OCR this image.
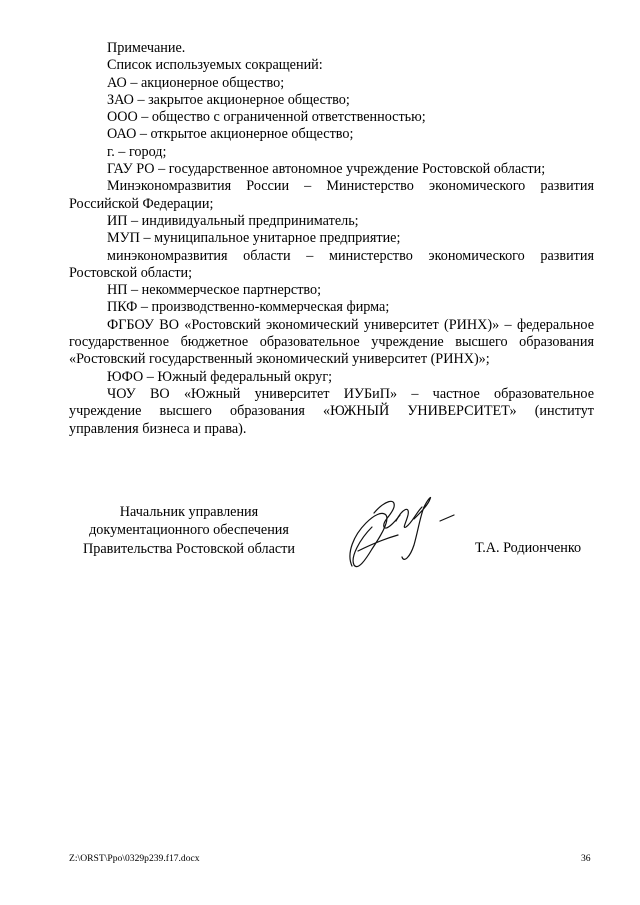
Примечание.

Список используемых сокращений:

АО – акционерное общество;

ЗАО – закрытое акционерное общество;

ООО – общество с ограниченной ответственностью;

ОАО – открытое акционерное общество;

г. – город;

ГАУ РО – государственное автономное учреждение Ростовской области;

Минэкономразвития России – Министерство экономического развития Российской Федерации;

ИП – индивидуальный предприниматель;

МУП – муниципальное унитарное предприятие;

минэкономразвития области – министерство экономического развития Ростовской области;

НП – некоммерческое партнерство;

ПКФ – производственно-коммерческая фирма;

ФГБОУ ВО «Ростовский экономический университет (РИНХ)» – федеральное государственное бюджетное образовательное учреждение высшего образования «Ростовский государственный экономический университет (РИНХ)»;

ЮФО – Южный федеральный округ;

ЧОУ ВО «Южный университет ИУБиП» – частное образовательное учреждение высшего образования «ЮЖНЫЙ УНИВЕРСИТЕТ» (институт управления бизнеса и права).

Начальник управления
документационного обеспечения
Правительства Ростовской области	Т.А. Родионченко
Z:\ORST\Ppo\0329p239.f17.docx	36
